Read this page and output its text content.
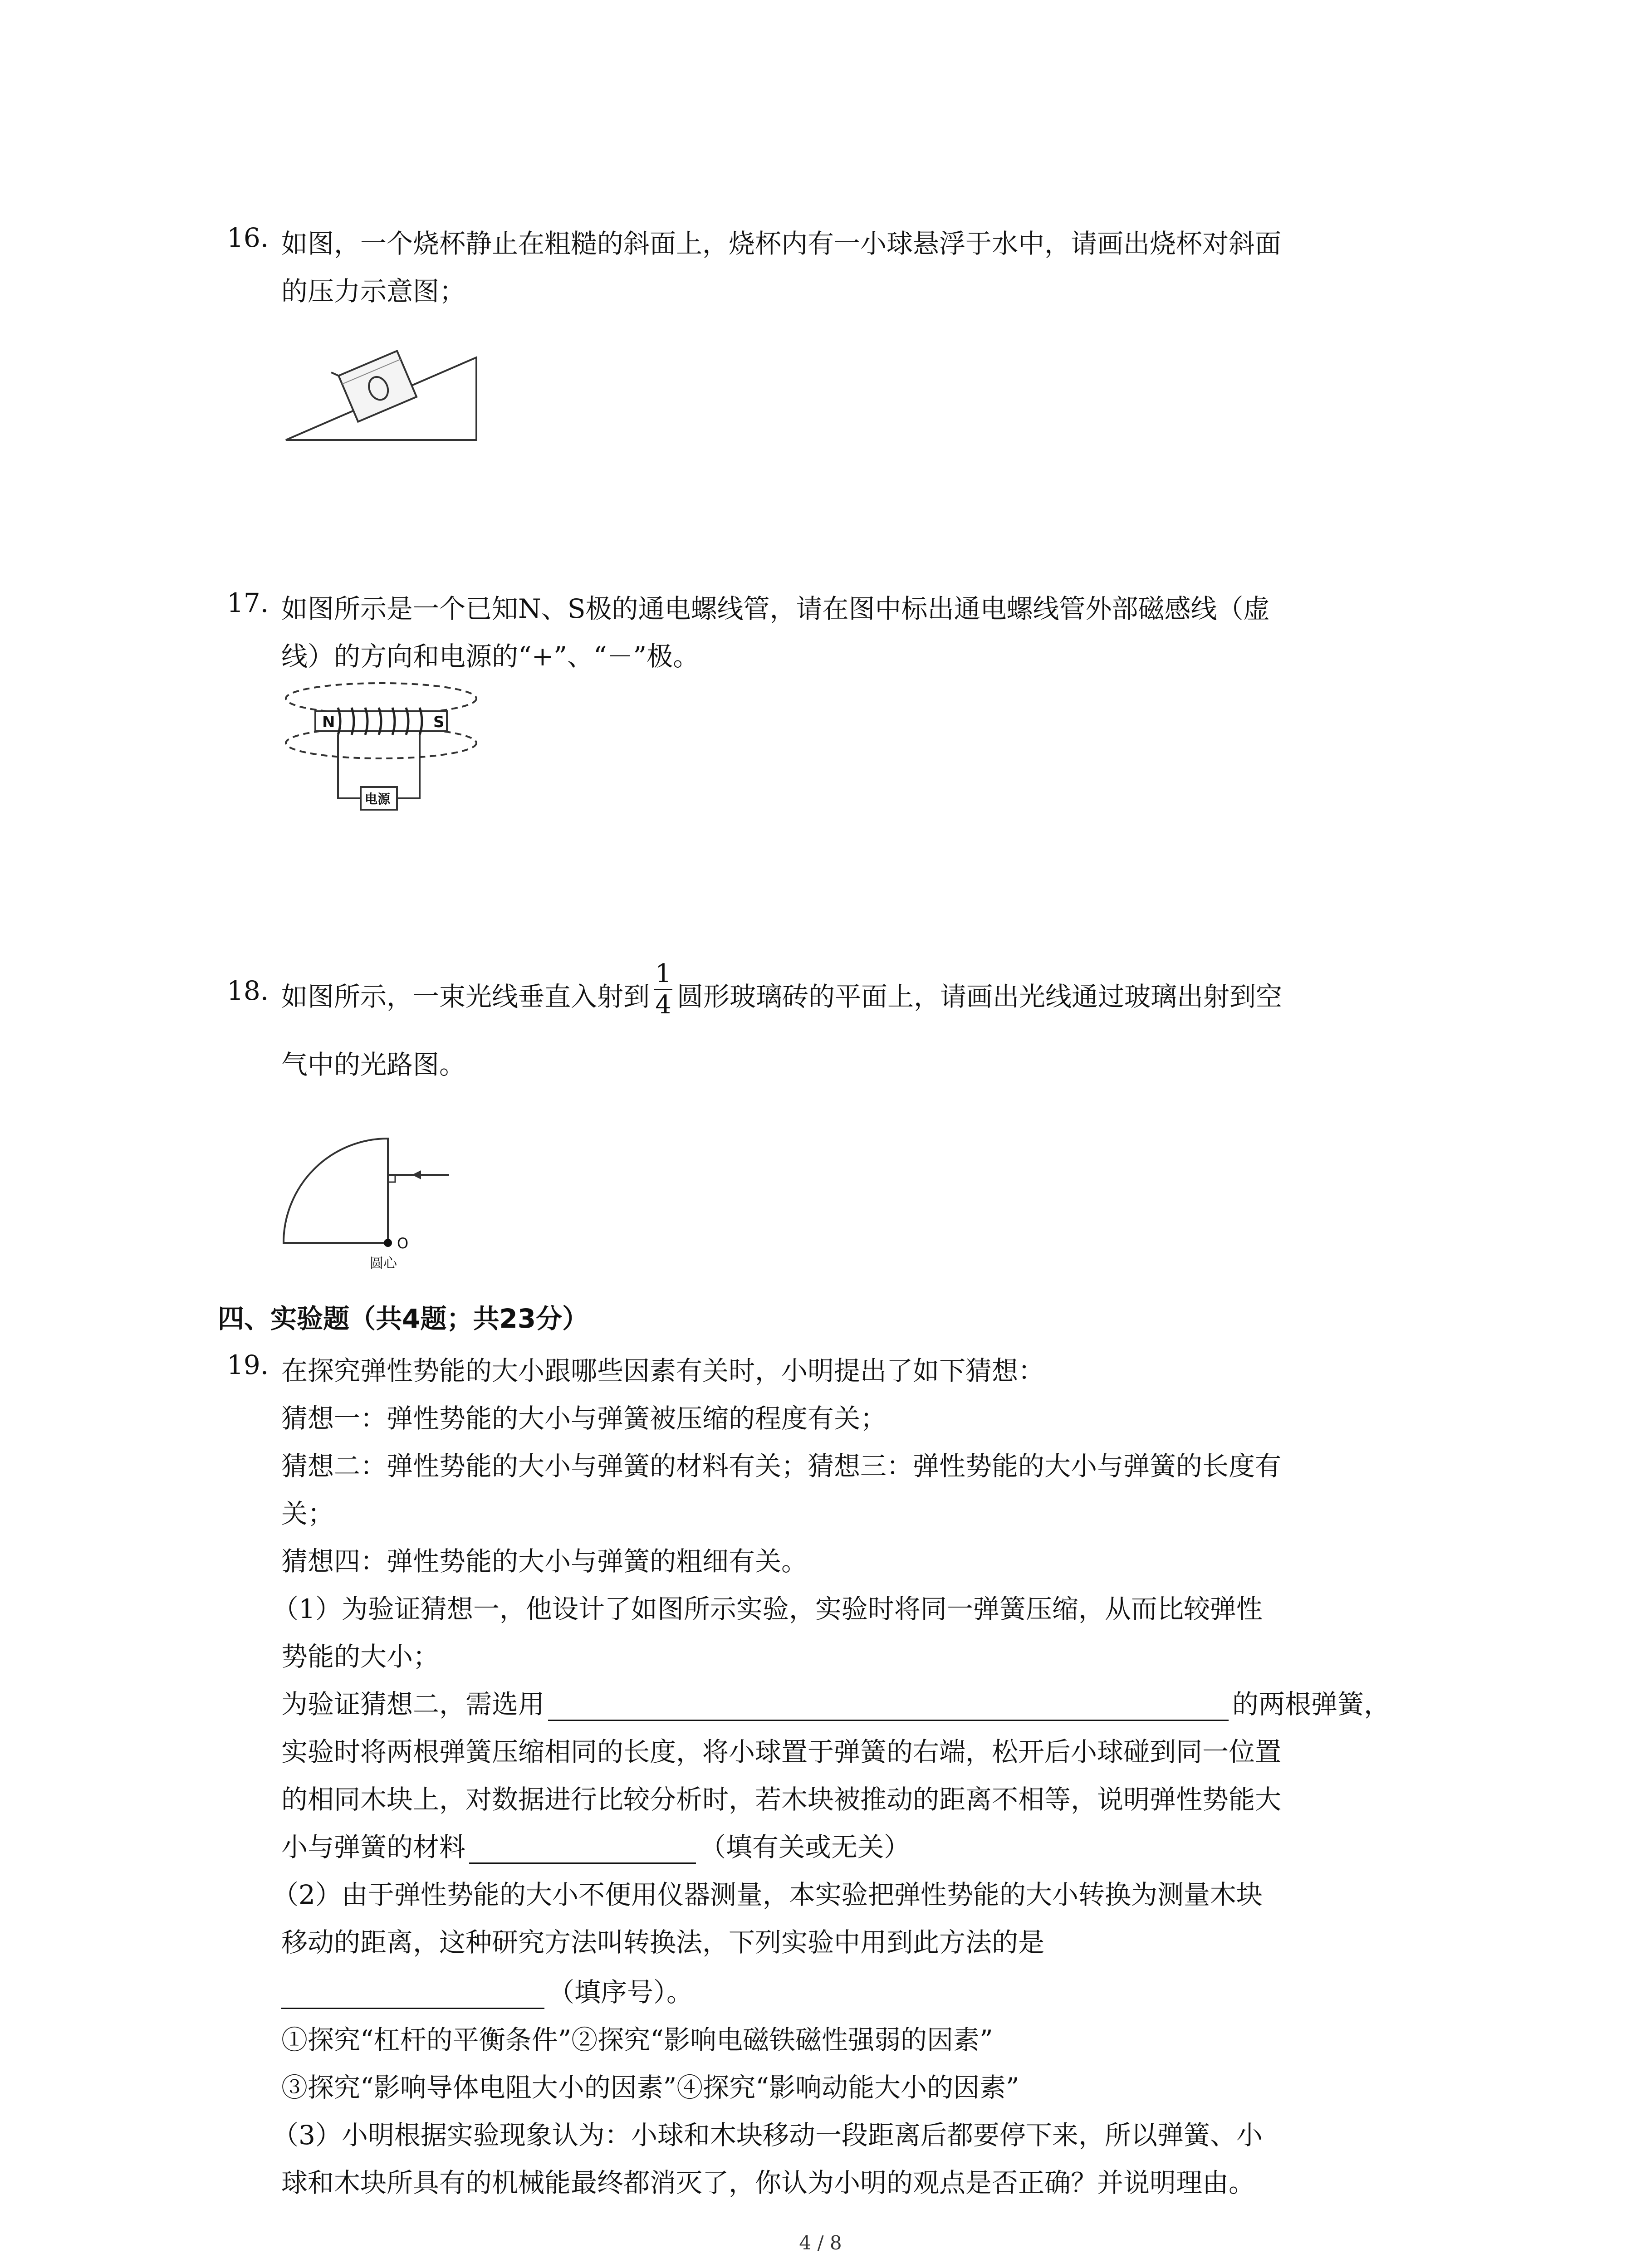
16. 如图，一个烧杯静止在粗糙的斜面上，烧杯内有一小球悬浮于水中，请画出烧杯对斜面
的压力示意图；
17. 如图所示是一个已知N、S极的通电螺线管，请在图中标出通电螺线管外部磁感线（虚
线）的方向和电源的“+”、“－”极。
N	S
电源
18. 如图所示，一束光线垂直入射到 $\frac{1}{4}$ 圆形玻璃砖的平面上，请画出光线通过玻璃出射到空
气中的光路图。
O
圆心
四、实验题（共4题；共23分）
19. 在探究弹性势能的大小跟哪些因素有关时，小明提出了如下猜想：
猜想一：弹性势能的大小与弹簧被压缩的程度有关；
猜想二：弹性势能的大小与弹簧的材料有关；猜想三：弹性势能的大小与弹簧的长度有
关；
猜想四：弹性势能的大小与弹簧的粗细有关。
（1）为验证猜想一，他设计了如图所示实验，实验时将同一弹簧压缩，从而比较弹性
势能的大小；
为验证猜想二，需选用	的两根弹簧，
实验时将两根弹簧压缩相同的长度，将小球置于弹簧的右端，松开后小球碰到同一位置
的相同木块上，对数据进行比较分析时，若木块被推动的距离不相等，说明弹性势能大
小与弹簧的材料	（填有关或无关）
（2）由于弹性势能的大小不便用仪器测量，本实验把弹性势能的大小转换为测量木块
移动的距离，这种研究方法叫转换法，下列实验中用到此方法的是
（填序号）。
①探究“杠杆的平衡条件”②探究“影响电磁铁磁性强弱的因素”
③探究“影响导体电阻大小的因素”④探究“影响动能大小的因素”
（3）小明根据实验现象认为：小球和木块移动一段距离后都要停下来，所以弹簧、小
球和木块所具有的机械能最终都消灭了，你认为小明的观点是否正确？并说明理由。
4 / 8
